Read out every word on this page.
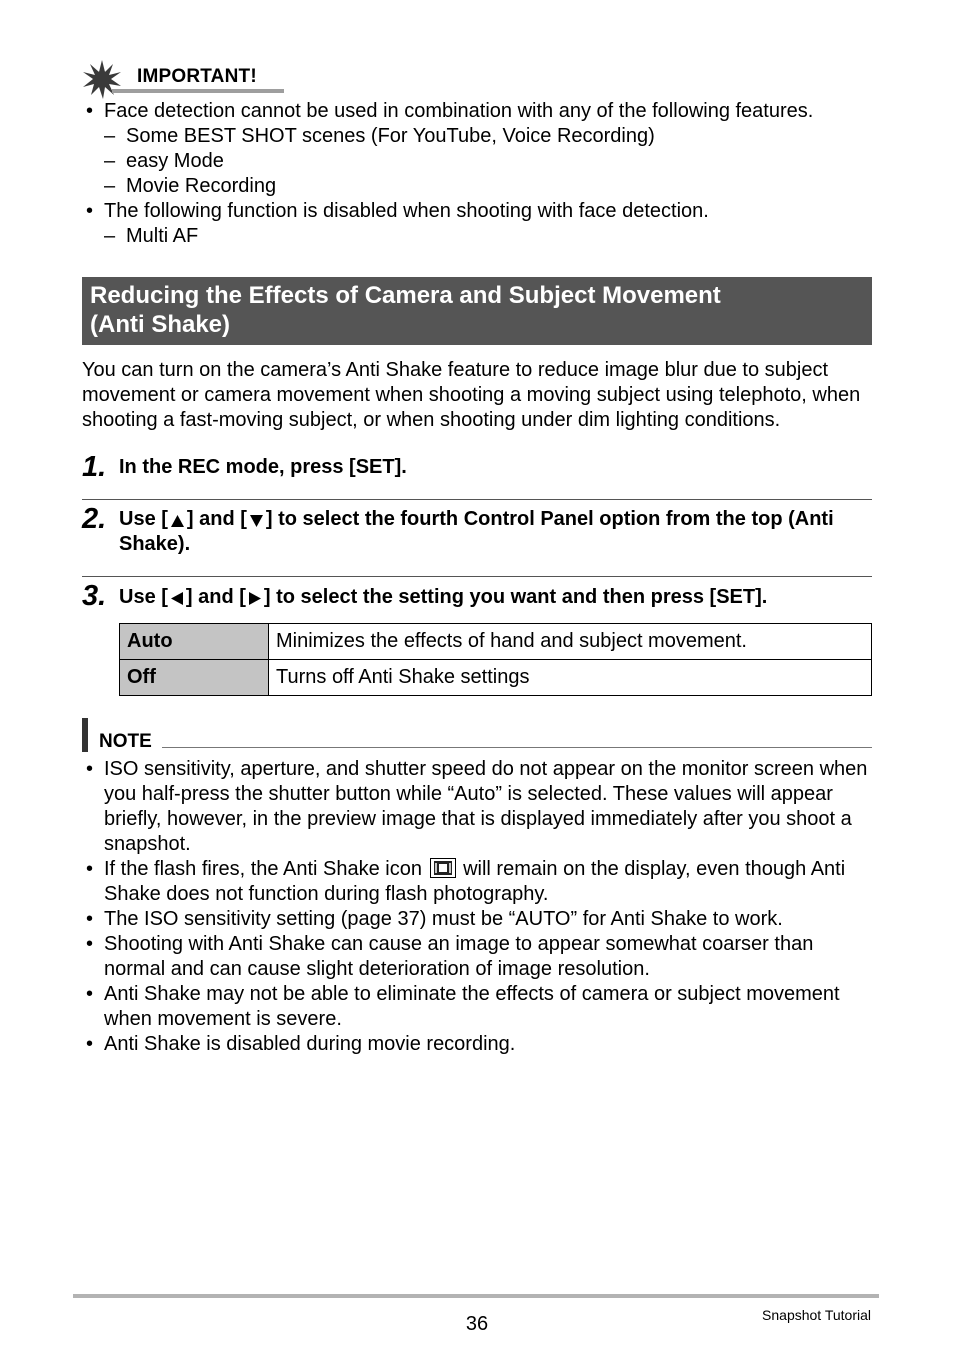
IMPORTANT!
• Face detection cannot be used in combination with any of the following features.
– Some BEST SHOT scenes (For YouTube, Voice Recording)
– easy Mode
– Movie Recording
• The following function is disabled when shooting with face detection.
– Multi AF
Reducing the Effects of Camera and Subject Movement
(Anti Shake)
You can turn on the camera’s Anti Shake feature to reduce image blur due to subject movement or camera movement when shooting a moving subject using telephoto, when shooting a fast-moving subject, or when shooting under dim lighting conditions.
1. In the REC mode, press [SET].
2. Use [ ] and [ ] to select the fourth Control Panel option from the top (Anti Shake).
3. Use [ ] and [ ] to select the setting you want and then press [SET].
Auto	Minimizes the effects of hand and subject movement.
Off	Turns off Anti Shake settings
NOTE
• ISO sensitivity, aperture, and shutter speed do not appear on the monitor screen when you half-press the shutter button while “Auto” is selected. These values will appear briefly, however, in the preview image that is displayed immediately after you shoot a snapshot.
• If the flash fires, the Anti Shake icon will remain on the display, even though Anti Shake does not function during flash photography.
• The ISO sensitivity setting (page 37) must be “AUTO” for Anti Shake to work.
• Shooting with Anti Shake can cause an image to appear somewhat coarser than normal and can cause slight deterioration of image resolution.
• Anti Shake may not be able to eliminate the effects of camera or subject movement when movement is severe.
• Anti Shake is disabled during movie recording.
36	Snapshot Tutorial
